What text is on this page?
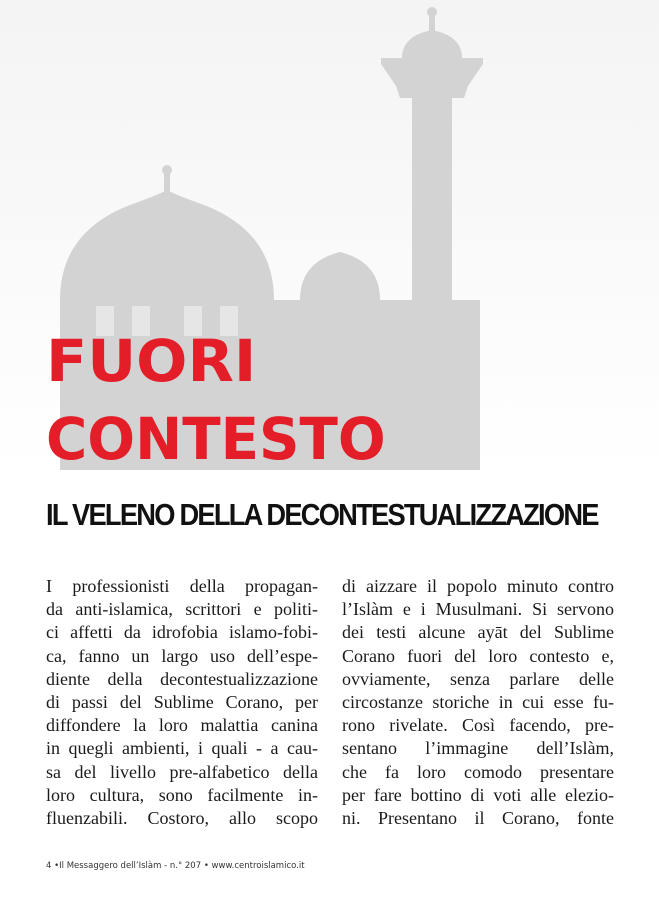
FUORI
CONTESTO
IL VELENO DELLA DECONTESTUALIZZAZIONE
I professionisti della propagan-
da anti-islamica, scrittori e politi-
ci affetti da idrofobia islamo-fobi-
ca, fanno un largo uso dell’espe-
diente della decontestualizzazione
di passi del Sublime Corano, per
diffondere la loro malattia canina
in quegli ambienti, i quali - a cau-
sa del livello pre-alfabetico della
loro cultura, sono facilmente in-
fluenzabili. Costoro, allo scopo
di aizzare il popolo minuto contro
l’Islàm e i Musulmani. Si servono
dei testi alcune ayāt del Sublime
Corano fuori del loro contesto e,
ovviamente, senza parlare delle
circostanze storiche in cui esse fu-
rono rivelate. Così facendo, pre-
sentano l’immagine dell’Islàm,
che fa loro comodo presentare
per fare bottino di voti alle elezio-
ni. Presentano il Corano, fonte
4 •Il Messaggero dell’Islàm - n.° 207 • www.centroislamico.it
